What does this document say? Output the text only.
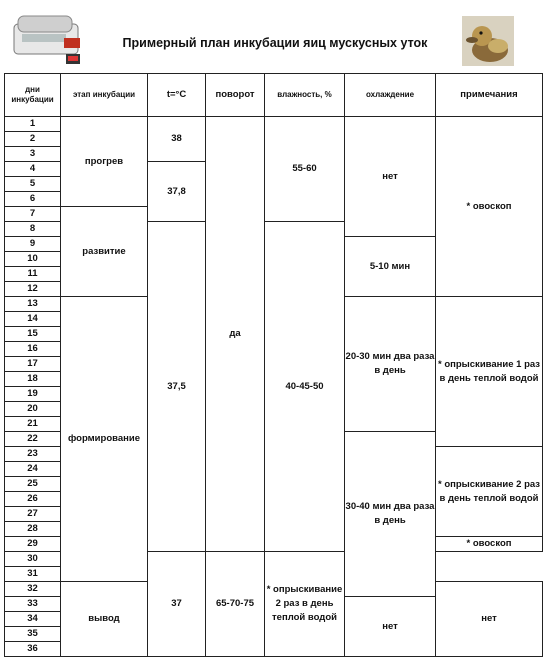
Примерный план инкубации яиц мускусных уток
дни инкубации	этап инкубации	t=°C	поворот	влажность, %	охлаждение	примечания
1	прогрев	38	да	55-60	нет	* овоскоп
2						
3						
4		37,8				
5						
6						
7	развитие					
8		37,5		40-45-50		
9					5-10 мин	
10						
11						
12						
13	формирование				20-30 мин два раза в день	* опрыскивание 1 раз в день теплой водой
14						
15						
16						
17						
18						
19						
20						
21						
22					30-40 мин два раза в день	
23						* опрыскивание 2 раз в день теплой водой
24						
25						
26						
27						
28						
29						* овоскоп
30		37	65-70-75	* опрыскивание 2 раз в день теплой водой		
31						
32	вывод					нет
33					нет	
34						
35						
36						
